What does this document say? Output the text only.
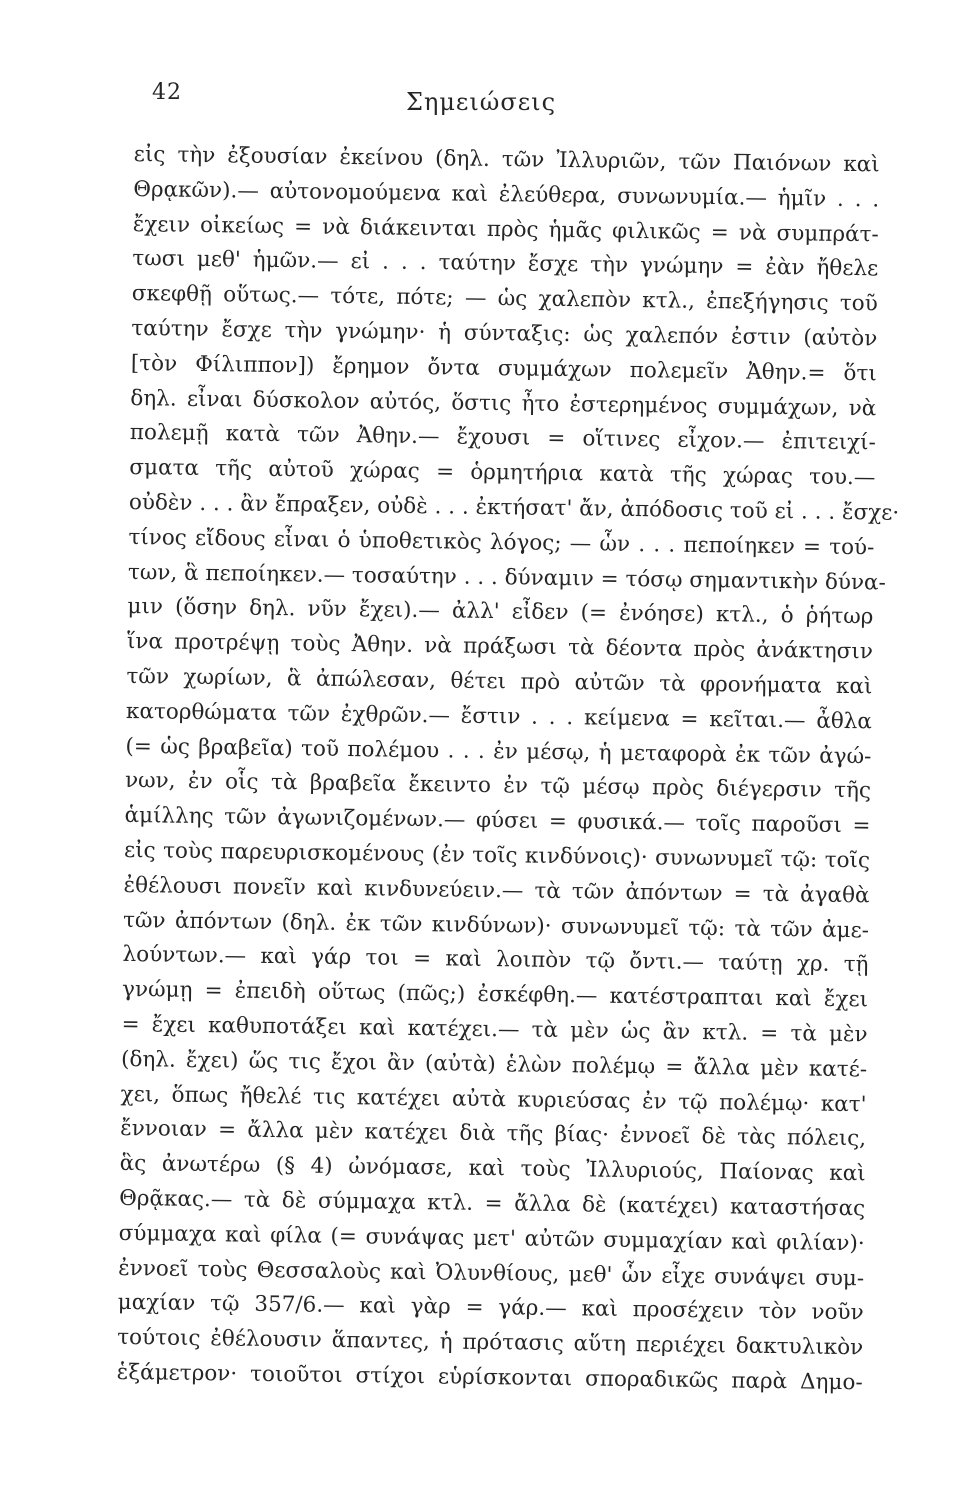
42	Σημειώσεις
εἰς τὴν ἐξουσίαν ἐκείνου (δηλ. τῶν Ἰλλυριῶν, τῶν Παιόνων καὶ
Θρᾳκῶν).— αὐτονομούμενα καὶ ἐλεύθερα, συνωνυμία.— ἡμῖν . . .
ἔχειν οἰκείως = νὰ διάκεινται πρὸς ἡμᾶς φιλικῶς = νὰ συμπράτ-
τωσι μεθ' ἡμῶν.— εἰ . . . ταύτην ἔσχε τὴν γνώμην = ἐὰν ἤθελε
σκεφθῇ οὕτως.— τότε, πότε; — ὡς χαλεπὸν κτλ., ἐπεξήγησις τοῦ
ταύτην ἔσχε τὴν γνώμην· ἡ σύνταξις: ὡς χαλεπόν ἐστιν (αὐτὸν
[τὸν Φίλιππον]) ἔρημον ὄντα συμμάχων πολεμεῖν Ἀθην.= ὅτι
δηλ. εἶναι δύσκολον αὐτός, ὅστις ἦτο ἐστερημένος συμμάχων, νὰ
πολεμῇ κατὰ τῶν Ἀθην.— ἔχουσι = οἵτινες εἶχον.— ἐπιτειχί-
σματα τῆς αὐτοῦ χώρας = ὁρμητήρια κατὰ τῆς χώρας του.—
οὐδὲν . . . ἂν ἔπραξεν, οὐδὲ . . . ἐκτήσατ' ἄν, ἀπόδοσις τοῦ εἰ . . . ἔσχε·
τίνος εἴδους εἶναι ὁ ὑποθετικὸς λόγος; — ὧν . . . πεποίηκεν = τού-
των, ἃ πεποίηκεν.— τοσαύτην . . . δύναμιν = τόσῳ σημαντικὴν δύνα-
μιν (ὅσην δηλ. νῦν ἔχει).— ἀλλ' εἶδεν (= ἐνόησε) κτλ., ὁ ῥήτωρ
ἵνα προτρέψῃ τοὺς Ἀθην. νὰ πράξωσι τὰ δέοντα πρὸς ἀνάκτησιν
τῶν χωρίων, ἃ ἀπώλεσαν, θέτει πρὸ αὐτῶν τὰ φρονήματα καὶ
κατορθώματα τῶν ἐχθρῶν.— ἔστιν . . . κείμενα = κεῖται.— ἆθλα
(= ὡς βραβεῖα) τοῦ πολέμου . . . ἐν μέσῳ, ἡ μεταφορὰ ἐκ τῶν ἀγώ-
νων, ἐν οἷς τὰ βραβεῖα ἔκειντο ἐν τῷ μέσῳ πρὸς διέγερσιν τῆς
ἁμίλλης τῶν ἀγωνιζομένων.— φύσει = φυσικά.— τοῖς παροῦσι =
εἰς τοὺς παρευρισκομένους (ἐν τοῖς κινδύνοις)· συνωνυμεῖ τῷ: τοῖς
ἐθέλουσι πονεῖν καὶ κινδυνεύειν.— τὰ τῶν ἀπόντων = τὰ ἀγαθὰ
τῶν ἀπόντων (δηλ. ἐκ τῶν κινδύνων)· συνωνυμεῖ τῷ: τὰ τῶν ἀμε-
λούντων.— καὶ γάρ τοι = καὶ λοιπὸν τῷ ὄντι.— ταύτῃ χρ. τῇ
γνώμῃ = ἐπειδὴ οὕτως (πῶς;) ἐσκέφθη.— κατέστραπται καὶ ἔχει
= ἔχει καθυποτάξει καὶ κατέχει.— τὰ μὲν ὡς ἂν κτλ. = τὰ μὲν
(δηλ. ἔχει) ὥς τις ἔχοι ἂν (αὐτὰ) ἑλὼν πολέμῳ = ἄλλα μὲν κατέ-
χει, ὅπως ἤθελέ τις κατέχει αὐτὰ κυριεύσας ἐν τῷ πολέμῳ· κατ'
ἔννοιαν = ἄλλα μὲν κατέχει διὰ τῆς βίας· ἐννοεῖ δὲ τὰς πόλεις,
ἃς ἀνωτέρω (§ 4) ὠνόμασε, καὶ τοὺς Ἰλλυριούς, Παίονας καὶ
Θρᾷκας.— τὰ δὲ σύμμαχα κτλ. = ἄλλα δὲ (κατέχει) καταστήσας
σύμμαχα καὶ φίλα (= συνάψας μετ' αὐτῶν συμμαχίαν καὶ φιλίαν)·
ἐννοεῖ τοὺς Θεσσαλοὺς καὶ Ὀλυνθίους, μεθ' ὧν εἶχε συνάψει συμ-
μαχίαν τῷ 357/6.— καὶ γὰρ = γάρ.— καὶ προσέχειν τὸν νοῦν
τούτοις ἐθέλουσιν ἅπαντες, ἡ πρότασις αὕτη περιέχει δακτυλικὸν
ἑξάμετρον· τοιοῦτοι στίχοι εὑρίσκονται σποραδικῶς παρὰ Δημο-
